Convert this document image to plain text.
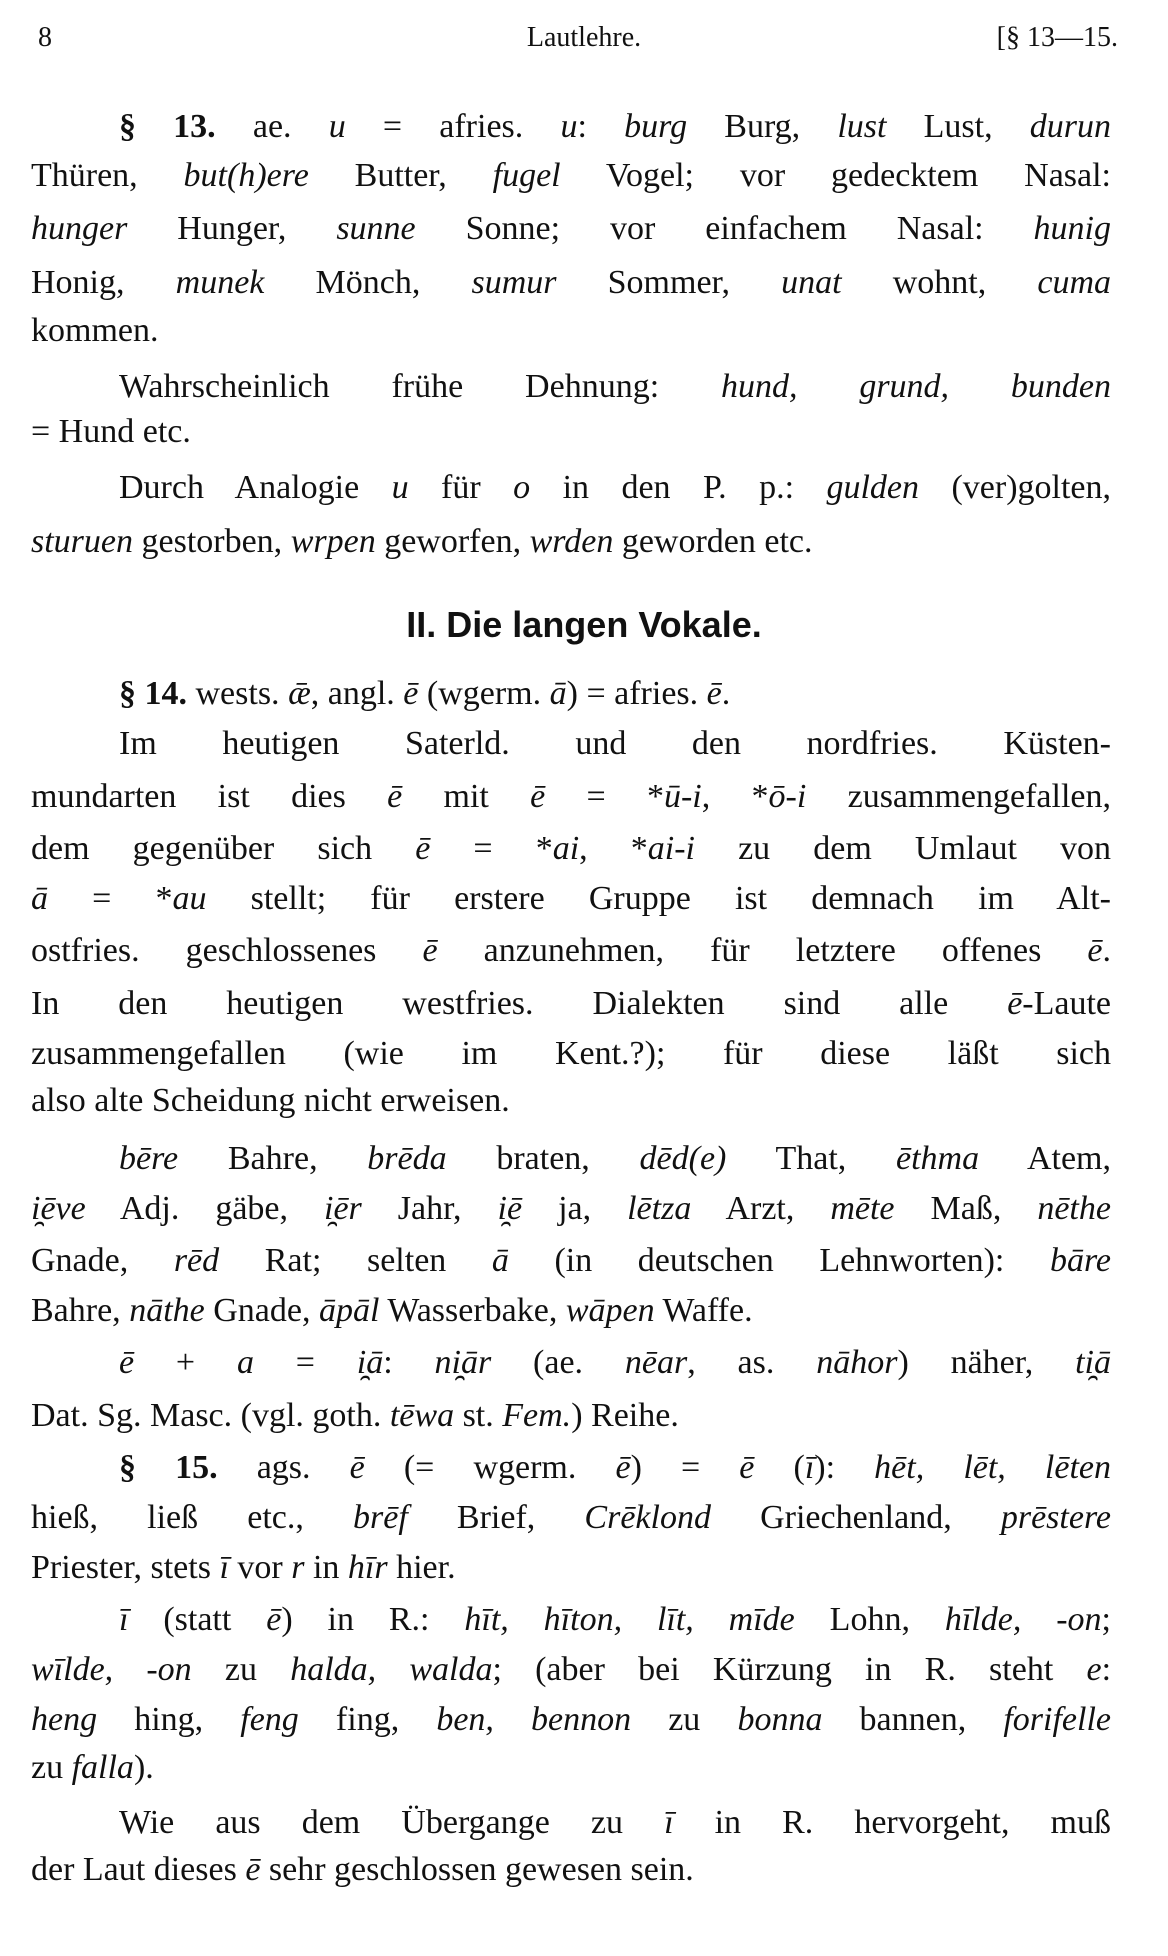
Lautlehre.
8	[§ 13—15.
II. Die langen Vokale.
§ 13. ae. u = afries. u: burg Burg, lust Lust, durun
Thüren, but(h)ere Butter, fugel Vogel; vor gedecktem Nasal:
hunger Hunger, sunne Sonne; vor einfachem Nasal: hunig
Honig, munek Mönch, sumur Sommer, unat wohnt, cuma
kommen.
Wahrscheinlich frühe Dehnung: hund, grund, bunden
= Hund etc.
Durch Analogie u für o in den P. p.: gulden (ver)golten,
sturuen gestorben, wrpen geworfen, wrden geworden etc.
§ 14. wests. ǣ, angl. ē (wgerm. ā) = afries. ē.
Im heutigen Saterld. und den nordfries. Küsten-
mundarten ist dies ē mit ē = *ū-i, *ō-i zusammengefallen,
dem gegenüber sich ē = *ai, *ai-i zu dem Umlaut von
ā = *au stellt; für erstere Gruppe ist demnach im Alt-
ostfries. geschlossenes ē anzunehmen, für letztere offenes ē.
In den heutigen westfries. Dialekten sind alle ē-Laute
zusammengefallen (wie im Kent.?); für diese läßt sich
also alte Scheidung nicht erweisen.
bēre Bahre, brēda braten, dēd(e) That, ēthma Atem,
i̯ēve Adj. gäbe, i̯ēr Jahr, i̯ē ja, lētza Arzt, mēte Maß, nēthe
Gnade, rēd Rat; selten ā (in deutschen Lehnworten): bāre
Bahre, nāthe Gnade, āpāl Wasserbake, wāpen Waffe.
ē + a = i̯ā: ni̯ār (ae. nēar, as. nāhor) näher, ti̯ā
Dat. Sg. Masc. (vgl. goth. tēwa st. Fem.) Reihe.
§ 15. ags. ē (= wgerm. ē) = ē (ī): hēt, lēt, lēten
hieß, ließ etc., brēf Brief, Crēklond Griechenland, prēstere
Priester, stets ī vor r in hīr hier.
ī (statt ē) in R.: hīt, hīton, līt, mīde Lohn, hīlde, -on;
wīlde, -on zu halda, walda; (aber bei Kürzung in R. steht e:
heng hing, feng fing, ben, bennon zu bonna bannen, forifelle
zu falla).
Wie aus dem Übergange zu ī in R. hervorgeht, muß
der Laut dieses ē sehr geschlossen gewesen sein.
